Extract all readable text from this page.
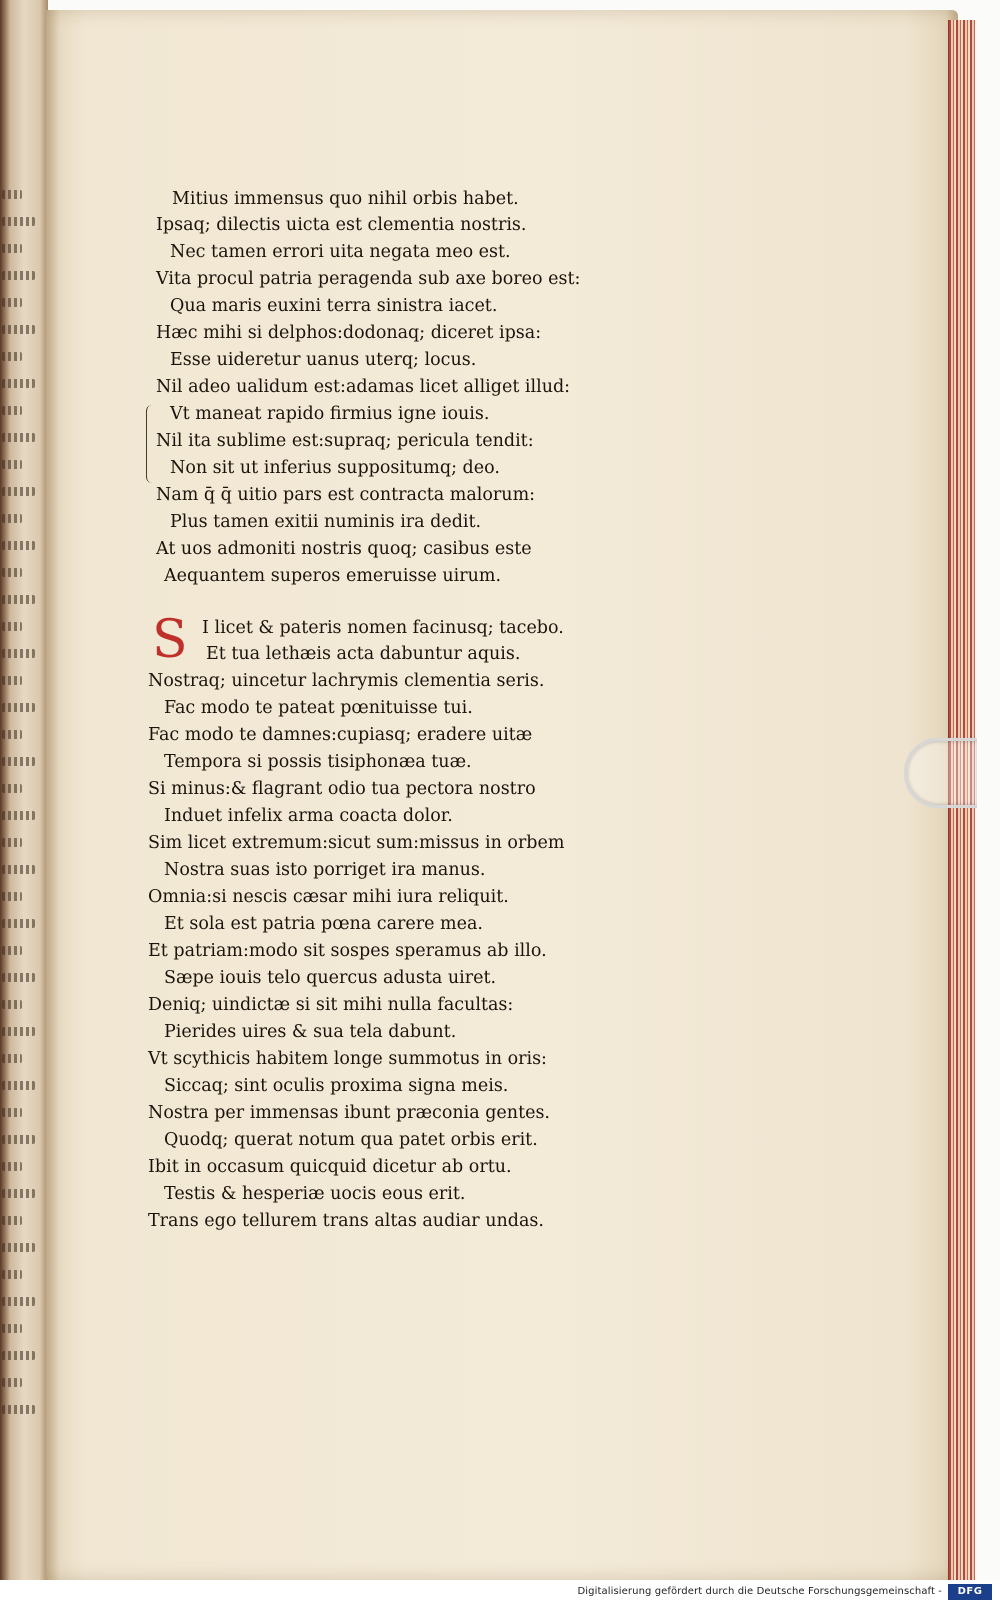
Mitius immensus quo nihil orbis habet.
Ipsaq; dilectis uicta est clementia nostris.
Nec tamen errori uita negata meo est.
Vita procul patria peragenda sub axe boreo est:
Qua maris euxini terra sinistra iacet.
Hæc mihi si delphos:dodonaq; diceret ipsa:
Esse uideretur uanus uterq; locus.
Nil adeo ualidum est:adamas licet alliget illud:
Vt maneat rapido firmius igne iouis.
Nil ita sublime est:supraq; pericula tendit:
Non sit ut inferius suppositumq; deo.
Nam q̄ q̄ uitio pars est contracta malorum:
Plus tamen exitii numinis ira dedit.
At uos admoniti nostris quoq; casibus este
Aequantem superos emeruisse uirum.
S I licet & pateris nomen facinusq; tacebo.
Et tua lethæis acta dabuntur aquis.
Nostraq; uincetur lachrymis clementia seris.
Fac modo te pateat pœnituisse tui.
Fac modo te damnes:cupiasq; eradere uitæ
Tempora si possis tisiphonæa tuæ.
Si minus:& flagrant odio tua pectora nostro
Induet infelix arma coacta dolor.
Sim licet extremum:sicut sum:missus in orbem
Nostra suas isto porriget ira manus.
Omnia:si nescis cæsar mihi iura reliquit.
Et sola est patria pœna carere mea.
Et patriam:modo sit sospes speramus ab illo.
Sæpe iouis telo quercus adusta uiret.
Deniq; uindictæ si sit mihi nulla facultas:
Pierides uires & sua tela dabunt.
Vt scythicis habitem longe summotus in oris:
Siccaq; sint oculis proxima signa meis.
Nostra per immensas ibunt præconia gentes.
Quodq; querat notum qua patet orbis erit.
Ibit in occasum quicquid dicetur ab ortu.
Testis & hesperiæ uocis eous erit.
Trans ego tellurem trans altas audiar undas.
Digitalisierung gefördert durch die Deutsche Forschungsgemeinschaft -	DFG
